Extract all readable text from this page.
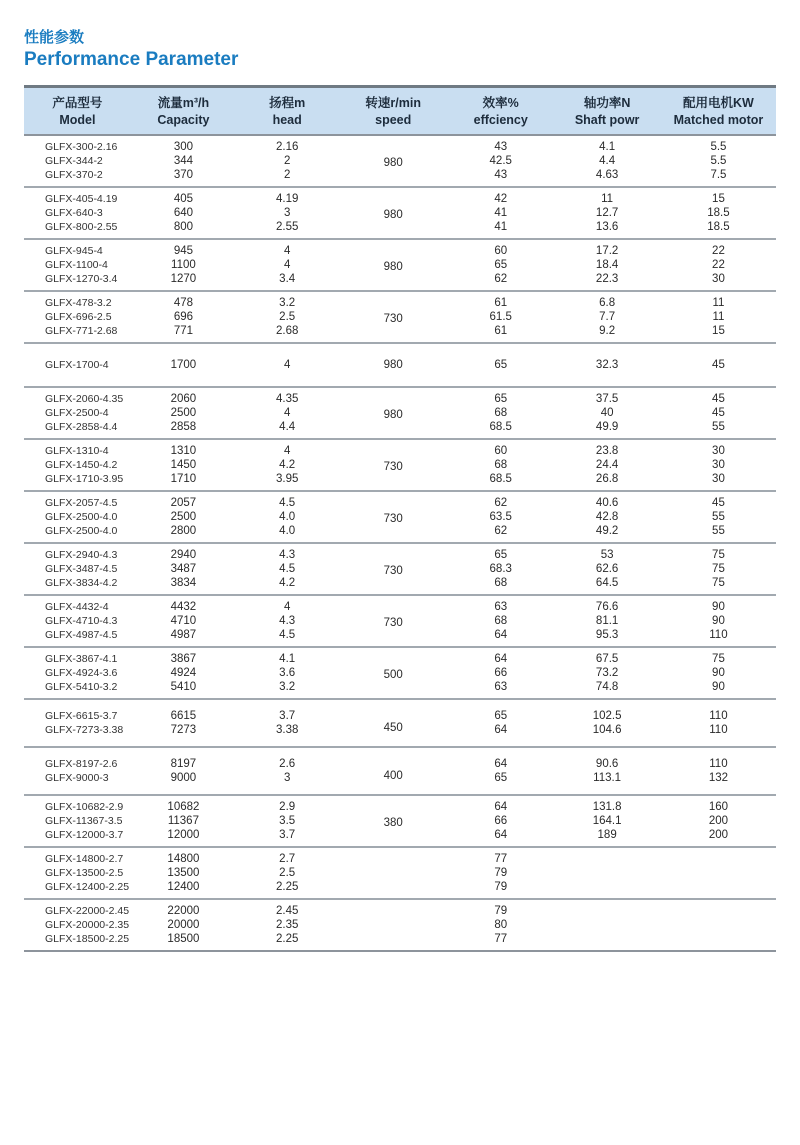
性能参数
Performance Parameter
产品型号
Model

流量m³/h
Capacity

扬程m
head

转速r/min
speed

效率%
effciency

轴功率N
Shaft powr

配用电机KW
Matched motor

GLFX-300-2.16	300	2.16	980	43	4.1	5.5
GLFX-344-2	344	2		42.5	4.4	5.5
GLFX-370-2	370	2		43	4.63	7.5
GLFX-405-4.19	405	4.19	980	42	11	15
GLFX-640-3	640	3		41	12.7	18.5
GLFX-800-2.55	800	2.55		41	13.6	18.5
GLFX-945-4	945	4	980	60	17.2	22
GLFX-1100-4	1100	4		65	18.4	22
GLFX-1270-3.4	1270	3.4		62	22.3	30
GLFX-478-3.2	478	3.2	730	61	6.8	11
GLFX-696-2.5	696	2.5		61.5	7.7	11
GLFX-771-2.68	771	2.68		61	9.2	15
GLFX-1700-4	1700	4	980	65	32.3	45
GLFX-2060-4.35	2060	4.35	980	65	37.5	45
GLFX-2500-4	2500	4		68	40	45
GLFX-2858-4.4	2858	4.4		68.5	49.9	55
GLFX-1310-4	1310	4	730	60	23.8	30
GLFX-1450-4.2	1450	4.2		68	24.4	30
GLFX-1710-3.95	1710	3.95		68.5	26.8	30
GLFX-2057-4.5	2057	4.5	730	62	40.6	45
GLFX-2500-4.0	2500	4.0		63.5	42.8	55
GLFX-2500-4.0	2800	4.0		62	49.2	55
GLFX-2940-4.3	2940	4.3	730	65	53	75
GLFX-3487-4.5	3487	4.5		68.3	62.6	75
GLFX-3834-4.2	3834	4.2		68	64.5	75
GLFX-4432-4	4432	4	730	63	76.6	90
GLFX-4710-4.3	4710	4.3		68	81.1	90
GLFX-4987-4.5	4987	4.5		64	95.3	110
GLFX-3867-4.1	3867	4.1	500	64	67.5	75
GLFX-4924-3.6	4924	3.6		66	73.2	90
GLFX-5410-3.2	5410	3.2		63	74.8	90
GLFX-6615-3.7	6615	3.7	450	65	102.5	110
GLFX-7273-3.38	7273	3.38		64	104.6	110
GLFX-8197-2.6	8197	2.6	400	64	90.6	110
GLFX-9000-3	9000	3		65	113.1	132
GLFX-10682-2.9	10682	2.9	380	64	131.8	160
GLFX-11367-3.5	11367	3.5		66	164.1	200
GLFX-12000-3.7	12000	3.7		64	189	200
GLFX-14800-2.7	14800	2.7		77		
GLFX-13500-2.5	13500	2.5		79		
GLFX-12400-2.25	12400	2.25		79		
GLFX-22000-2.45	22000	2.45		79		
GLFX-20000-2.35	20000	2.35		80		
GLFX-18500-2.25	18500	2.25		77		
